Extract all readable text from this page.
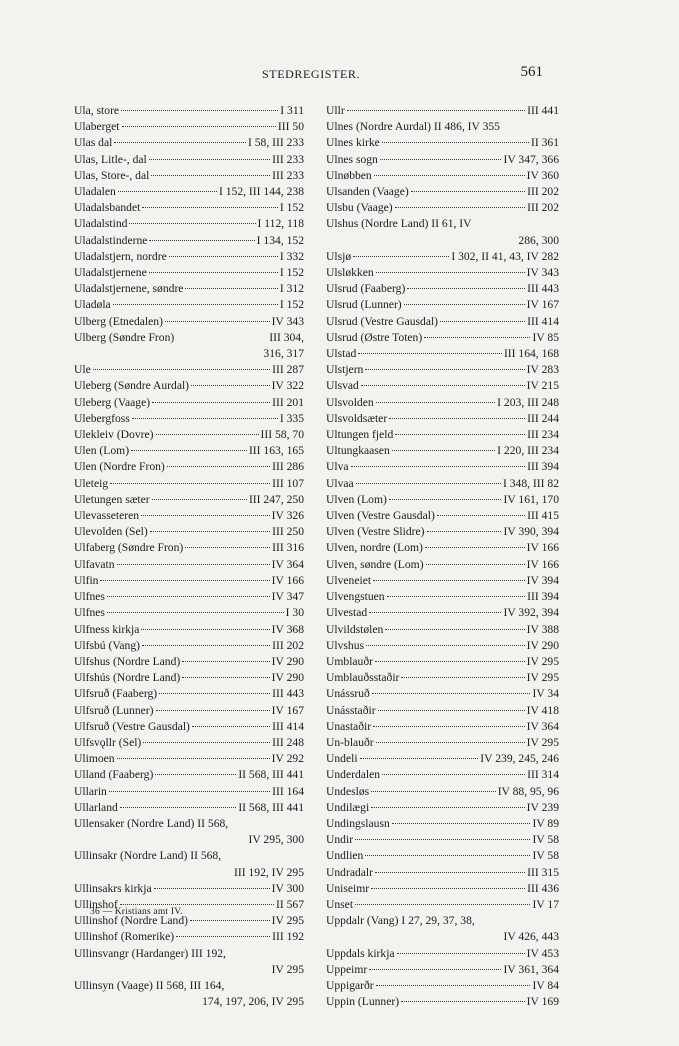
STEDREGISTER.	561
Ula, store	I 311
Ulaberget	III 50
Ulas dal	I 58, III 233
Ulas, Litle-, dal	III 233
Ulas, Store-, dal	III 233
Uladalen	I 152, III 144, 238
Uladalsbandet	I 152
Uladalstind	I 112, 118
Uladalstinderne	I 134, 152
Uladalstjern, nordre	I 332
Uladalstjernene	I 152
Uladalstjernene, søndre	I 312
Uladøla	I 152
Ulberg (Etnedalen)	IV 343
Ulberg (Søndre Fron)	III 304,
316, 317
Ule	III 287
Uleberg (Søndre Aurdal)	IV 322
Uleberg (Vaage)	III 201
Ulebergfoss	I 335
Ulekleiv (Dovre)	III 58, 70
Ulen (Lom)	III 163, 165
Ulen (Nordre Fron)	III 286
Uleteig	III 107
Uletungen sæter	III 247, 250
Ulevasseteren	IV 326
Ulevolden (Sel)	III 250
Ulfaberg (Søndre Fron)	III 316
Ulfavatn	IV 364
Ulfin	IV 166
Ulfnes	IV 347
Ulfnes	I 30
Ulfness kirkja	IV 368
Ulfsbú (Vang)	III 202
Ulfshus (Nordre Land)	IV 290
Ulfshús (Nordre Land)	IV 290
Ulfsruð (Faaberg)	III 443
Ulfsruð (Lunner)	IV 167
Ulfsruð (Vestre Gausdal)	III 414
Ulfsvǫllr (Sel)	III 248
Ulimoen	IV 292
Ulland (Faaberg)	II 568, III 441
Ullarin	III 164
Ullarland	II 568, III 441
Ullensaker (Nordre Land) II 568,
IV 295, 300
Ullinsakr (Nordre Land) II 568,
III 192, IV 295
Ullinsakrs kirkja	IV 300
Ullinshof	II 567
Ullinshof (Nordre Land)	IV 295
Ullinshof (Romerike)	III 192
Ullinsvangr (Hardanger) III 192,
IV 295
Ullinsyn (Vaage) II 568, III 164,
174, 197, 206, IV 295
Ullr	III 441
Ulnes (Nordre Aurdal) II 486, IV 355
Ulnes kirke	II 361
Ulnes sogn	IV 347, 366
Ulnøbben	IV 360
Ulsanden (Vaage)	III 202
Ulsbu (Vaage)	III 202
Ulshus (Nordre Land) II 61, IV
286, 300
Ulsjø	I 302, II 41, 43, IV 282
Ulsløkken	IV 343
Ulsrud (Faaberg)	III 443
Ulsrud (Lunner)	IV 167
Ulsrud (Vestre Gausdal)	III 414
Ulsrud (Østre Toten)	IV 85
Ulstad	III 164, 168
Ulstjern	IV 283
Ulsvad	IV 215
Ulsvolden	I 203, III 248
Ulsvoldsæter	III 244
Ultungen fjeld	III 234
Ultungkaasen	I 220, III 234
Ulva	III 394
Ulvaa	I 348, III 82
Ulven (Lom)	IV 161, 170
Ulven (Vestre Gausdal)	III 415
Ulven (Vestre Slidre)	IV 390, 394
Ulven, nordre (Lom)	IV 166
Ulven, søndre (Lom)	IV 166
Ulveneiet	IV 394
Ulvengstuen	III 394
Ulvestad	IV 392, 394
Ulvildstølen	IV 388
Ulvshus	IV 290
Umblauðr	IV 295
Umblauðsstaðir	IV 295
Unássruð	IV 34
Unásstaðir	IV 418
Unastaðir	IV 364
Un-blauðr	IV 295
Undeli	IV 239, 245, 246
Underdalen	III 314
Undesløs	IV 88, 95, 96
Undilægi	IV 239
Undingslausn	IV 89
Undir	IV 58
Undlien	IV 58
Undradalr	III 315
Uniseimr	III 436
Unset	IV 17
Uppdalr (Vang) I 27, 29, 37, 38,
IV 426, 443
Uppdals kirkja	IV 453
Uppeimr	IV 361, 364
Uppigarðr	IV 84
Uppin (Lunner)	IV 169
36 — Kristians amt IV.
